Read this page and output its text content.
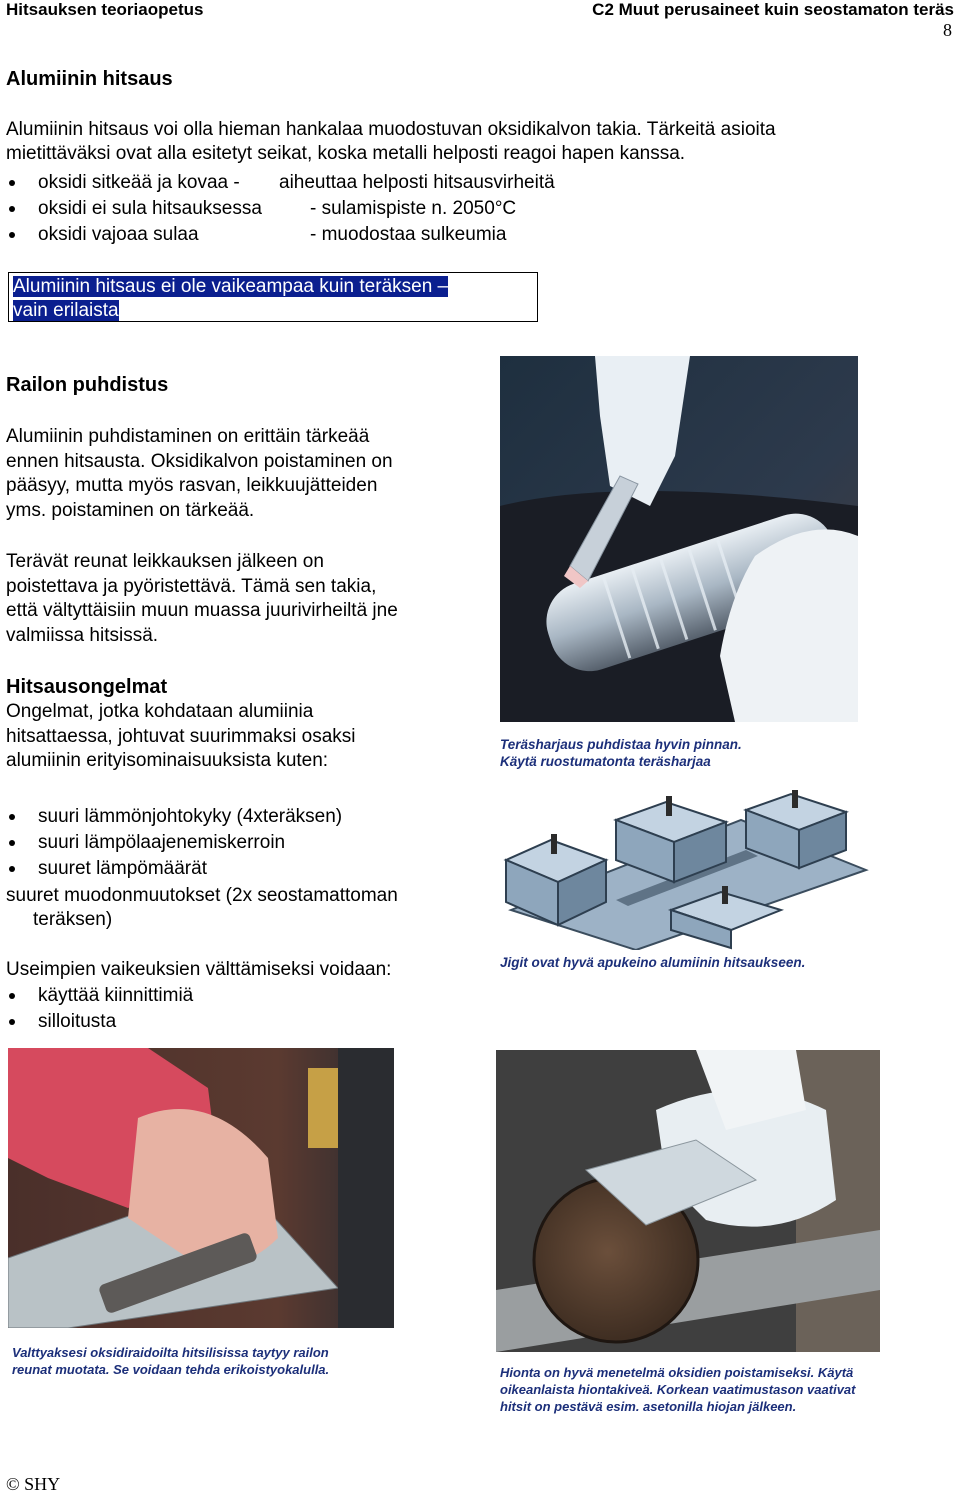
Hitsauksen teoriaopetus	C2 Muut perusaineet kuin seostamaton teräs
8
Alumiinin hitsaus
Alumiinin hitsaus voi olla hieman hankalaa muodostuvan oksidikalvon takia. Tärkeitä asioita
mietittäväksi ovat alla esitetyt seikat, koska metalli helposti reagoi hapen kanssa.
oksidi sitkeää ja kovaa - aiheuttaa helposti hitsausvirheitä
oksidi ei sula hitsauksessa	- sulamispiste n. 2050°C
oksidi vajoaa sulaa	- muodostaa sulkeumia
Alumiinin hitsaus ei ole vaikeampaa kuin teräksen –
vain erilaista
Railon puhdistus
Alumiinin puhdistaminen on erittäin tärkeää
ennen hitsausta. Oksidikalvon poistaminen on
pääsyy, mutta myös rasvan, leikkuujätteiden
yms. poistaminen on tärkeää.
Terävät reunat leikkauksen jälkeen on
poistettava ja pyöristettävä. Tämä sen takia,
että vältyttäisiin muun muassa juurivirheiltä jne
valmiissa hitsissä.
Hitsausongelmat
Ongelmat, jotka kohdataan alumiinia
hitsattaessa, johtuvat suurimmaksi osaksi
alumiinin erityisominaisuuksista kuten:
suuri lämmönjohtokyky (4xteräksen)
suuri lämpölaajenemiskerroin
suuret lämpömäärät
suuret muodonmuutokset (2x seostamattoman
teräksen)
Useimpien vaikeuksien välttämiseksi voidaan:
käyttää kiinnittimiä
silloitusta
Teräsharjaus puhdistaa hyvin pinnan.
Käytä ruostumatonta teräsharjaa
Jigit ovat hyvä apukeino alumiinin hitsaukseen.
Valttyaksesi oksidiraidoilta hitsilisissa taytyy railon
reunat muotata. Se voidaan tehda erikoistyokalulla.	Hionta on hyvä menetelmä oksidien poistamiseksi. Käytä
oikeanlaista hiontakiveä. Korkean vaatimustason vaativat
hitsit on pestävä esim. asetonilla hiojan jälkeen.
© SHY
